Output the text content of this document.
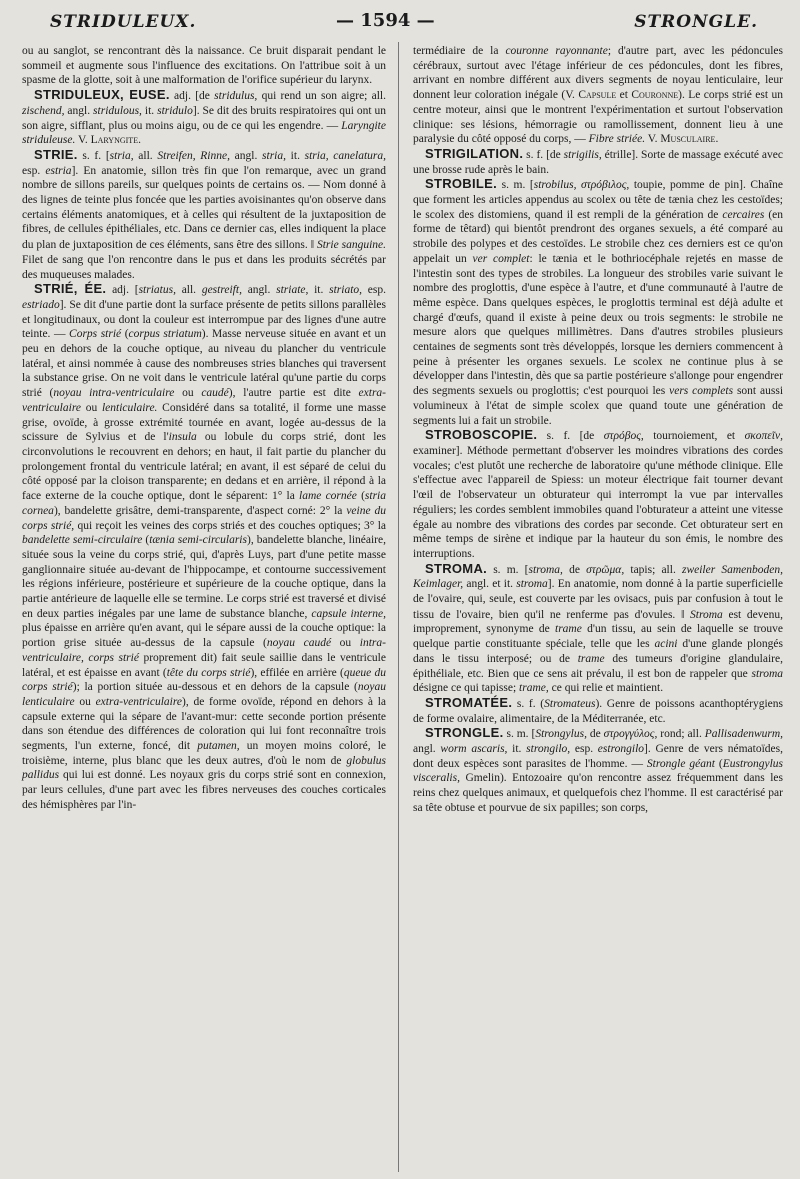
STRIDULEUX.	— 1594 —	STRONGLE.

ou au sanglot, se rencontrant dès la naissance. Ce bruit disparait pendant le sommeil et augmente sous l'influence des excitations. On l'attribue soit à un spasme de la glotte, soit à une malformation de l'orifice supérieur du larynx.

STRIDULEUX, EUSE. adj. [de stridulus, qui rend un son aigre; all. zischend, angl. stridulous, it. stridulo]. Se dit des bruits respiratoires qui ont un son aigre, sifflant, plus ou moins aigu, ou de ce qui les engendre. — Laryngite striduleuse. V. Laryngite.

STRIE. s. f. [stria, all. Streifen, Rinne, angl. stria, it. stria, canelatura, esp. estria]. En anatomie, sillon très fin que l'on remarque, avec un grand nombre de sillons pareils, sur quelques points de certains os. — Nom donné à des lignes de teinte plus foncée que les parties avoisinantes qu'on observe dans certains éléments anatomiques, et à celles qui résultent de la juxtaposition de fibres, de cellules épithéliales, etc. Dans ce dernier cas, elles indiquent la place du plan de juxtaposition de ces éléments, sans être des sillons. ‖ Strie sanguine. Filet de sang que l'on rencontre dans le pus et dans les produits sécrétés par des muqueuses malades.

STRIÉ, ÉE. adj. [striatus, all. gestreift, angl. striate, it. striato, esp. estriado]. Se dit d'une partie dont la surface présente de petits sillons parallèles et longitudinaux, ou dont la couleur est interrompue par des lignes d'une autre teinte. — Corps strié (corpus striatum). Masse nerveuse située en avant et un peu en dehors de la couche optique, au niveau du plancher du ventricule latéral, et ainsi nommée à cause des nombreuses stries blanches qui traversent la substance grise. On ne voit dans le ventricule latéral qu'une partie du corps strié (noyau intra-ventriculaire ou caudé), l'autre partie est dite extra-ventriculaire ou lenticulaire. Considéré dans sa totalité, il forme une masse grise, ovoïde, à grosse extrémité tournée en avant, logée au-dessus de la scissure de Sylvius et de l'insula ou lobule du corps strié, dont les circonvolutions le recouvrent en dehors; en haut, il fait partie du plancher du prolongement frontal du ventricule latéral; en avant, il est séparé de celui du côté opposé par la cloison transparente; en dedans et en arrière, il répond à la face externe de la couche optique, dont le séparent: 1° la lame cornée (stria cornea), bandelette grisâtre, demi-transparente, d'aspect corné: 2° la veine du corps strié, qui reçoit les veines des corps striés et des couches optiques; 3° la bandelette semi-circulaire (tænia semi-circularis), bandelette blanche, linéaire, située sous la veine du corps strié, qui, d'après Luys, part d'une petite masse ganglionnaire située au-devant de l'hippocampe, et contourne successivement les régions inférieure, postérieure et supérieure de la couche optique, dans la partie antérieure de laquelle elle se termine. Le corps strié est traversé et divisé en deux parties inégales par une lame de substance blanche, capsule interne, plus épaisse en arrière qu'en avant, qui le sépare aussi de la couche optique: la portion grise située au-dessus de la capsule (noyau caudé ou intra-ventriculaire, corps strié proprement dit) fait seule saillie dans le ventricule latéral, et est épaisse en avant (tête du corps strié), effilée en arrière (queue du corps strié); la portion située au-dessous et en dehors de la capsule (noyau lenticulaire ou extra-ventriculaire), de forme ovoïde, répond en dehors à la capsule externe qui la sépare de l'avant-mur: cette seconde portion présente dans son étendue des différences de coloration qui lui font reconnaître trois segments, l'un externe, foncé, dit putamen, un moyen moins coloré, le troisième, interne, plus blanc que les deux autres, d'où le nom de globulus pallidus qui lui est donné. Les noyaux gris du corps strié sont en connexion, par leurs cellules, d'une part avec les fibres nerveuses des couches corticales des hémisphères par l'in-

termédiaire de la couronne rayonnante; d'autre part, avec les pédoncules cérébraux, surtout avec l'étage inférieur de ces pédoncules, dont les fibres, arrivant en nombre différent aux divers segments de noyau lenticulaire, leur donnent leur coloration inégale (V. Capsule et Couronne). Le corps strié est un centre moteur, ainsi que le montrent l'expérimentation et surtout l'observation clinique: ses lésions, hémorragie ou ramollissement, donnent lieu à une paralysie du côté opposé du corps, — Fibre striée. V. Musculaire.

STRIGILATION. s. f. [de strigilis, étrille]. Sorte de massage exécuté avec une brosse rude après le bain.

STROBILE. s. m. [strobilus, στρόβιλος, toupie, pomme de pin]. Chaîne que forment les articles appendus au scolex ou tête de tænia chez les cestoïdes; le scolex des distomiens, quand il est rempli de la génération de cercaires (en forme de têtard) qui bientôt prendront des organes sexuels, a été comparé au strobile des polypes et des cestoïdes. Le strobile chez ces derniers est ce qu'on appelait un ver complet: le tænia et le bothriocéphale rejetés en masse de l'intestin sont des types de strobiles. La longueur des strobiles varie suivant le nombre des proglottis, d'une espèce à l'autre, et d'une communauté à l'autre de même espèce. Dans quelques espèces, le proglottis terminal est déjà adulte et chargé d'œufs, quand il existe à peine deux ou trois segments: le strobile ne mesure alors que quelques millimètres. Dans d'autres strobiles plusieurs centaines de segments sont très développés, lorsque les derniers commencent à peine à présenter les organes sexuels. Le scolex ne continue plus à se développer dans l'intestin, dès que sa partie postérieure s'allonge pour engendrer des segments sexuels ou proglottis; c'est pourquoi les vers complets sont aussi volumineux à l'état de simple scolex que quand toute une génération de segments lui a fait un strobile.

STROBOSCOPIE. s. f. [de στρόβος, tournoiement, et σκοπεῖν, examiner]. Méthode permettant d'observer les moindres vibrations des cordes vocales; c'est plutôt une recherche de laboratoire qu'une méthode clinique. Elle s'effectue avec l'appareil de Spiess: un moteur électrique fait tourner devant l'œil de l'observateur un obturateur qui interrompt la vue par intervalles réguliers; les cordes semblent immobiles quand l'obturateur a atteint une vitesse égale au nombre des vibrations des cordes par seconde. Cet obturateur sert en même temps de sirène et indique par la hauteur du son émis, le nombre des interruptions.

STROMA. s. m. [stroma, de στρῶμα, tapis; all. zweiler Samenboden, Keimlager, angl. et it. stroma]. En anatomie, nom donné à la partie superficielle de l'ovaire, qui, seule, est couverte par les ovisacs, puis par confusion à tout le tissu de l'ovaire, bien qu'il ne renferme pas d'ovules. ‖ Stroma est devenu, improprement, synonyme de trame d'un tissu, au sein de laquelle se trouve quelque partie constituante spéciale, telle que les acini d'une glande plongés dans le tissu interposé; ou de trame des tumeurs d'origine glandulaire, épithéliale, etc. Bien que ce sens ait prévalu, il est bon de rappeler que stroma désigne ce qui tapisse; trame, ce qui relie et maintient.

STROMATÉE. s. f. (Stromateus). Genre de poissons acanthoptérygiens de forme ovalaire, alimentaire, de la Méditerranée, etc.

STRONGLE. s. m. [Strongylus, de στρογγύλος, rond; all. Pallisadenwurm, angl. worm ascaris, it. strongilo, esp. estrongilo]. Genre de vers nématoïdes, dont deux espèces sont parasites de l'homme. — Strongle géant (Eustrongylus visceralis, Gmelin). Entozoaire qu'on rencontre assez fréquemment dans les reins chez quelques animaux, et quelquefois chez l'homme. Il est caractérisé par sa tête obtuse et pourvue de six papilles; son corps,
